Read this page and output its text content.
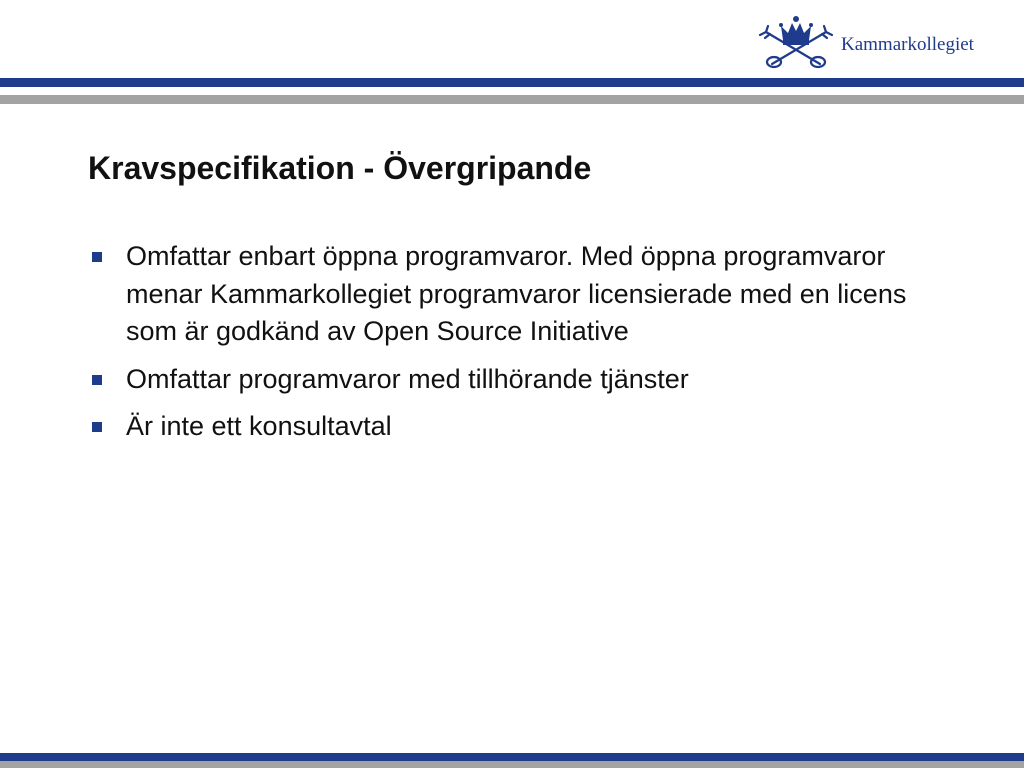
Kammarkollegiet
Kravspecifikation - Övergripande
Omfattar enbart öppna programvaror. Med öppna programvaror menar Kammarkollegiet programvaror licensierade med en licens som är godkänd av Open Source Initiative
Omfattar programvaror med tillhörande tjänster
Är inte ett konsultavtal
